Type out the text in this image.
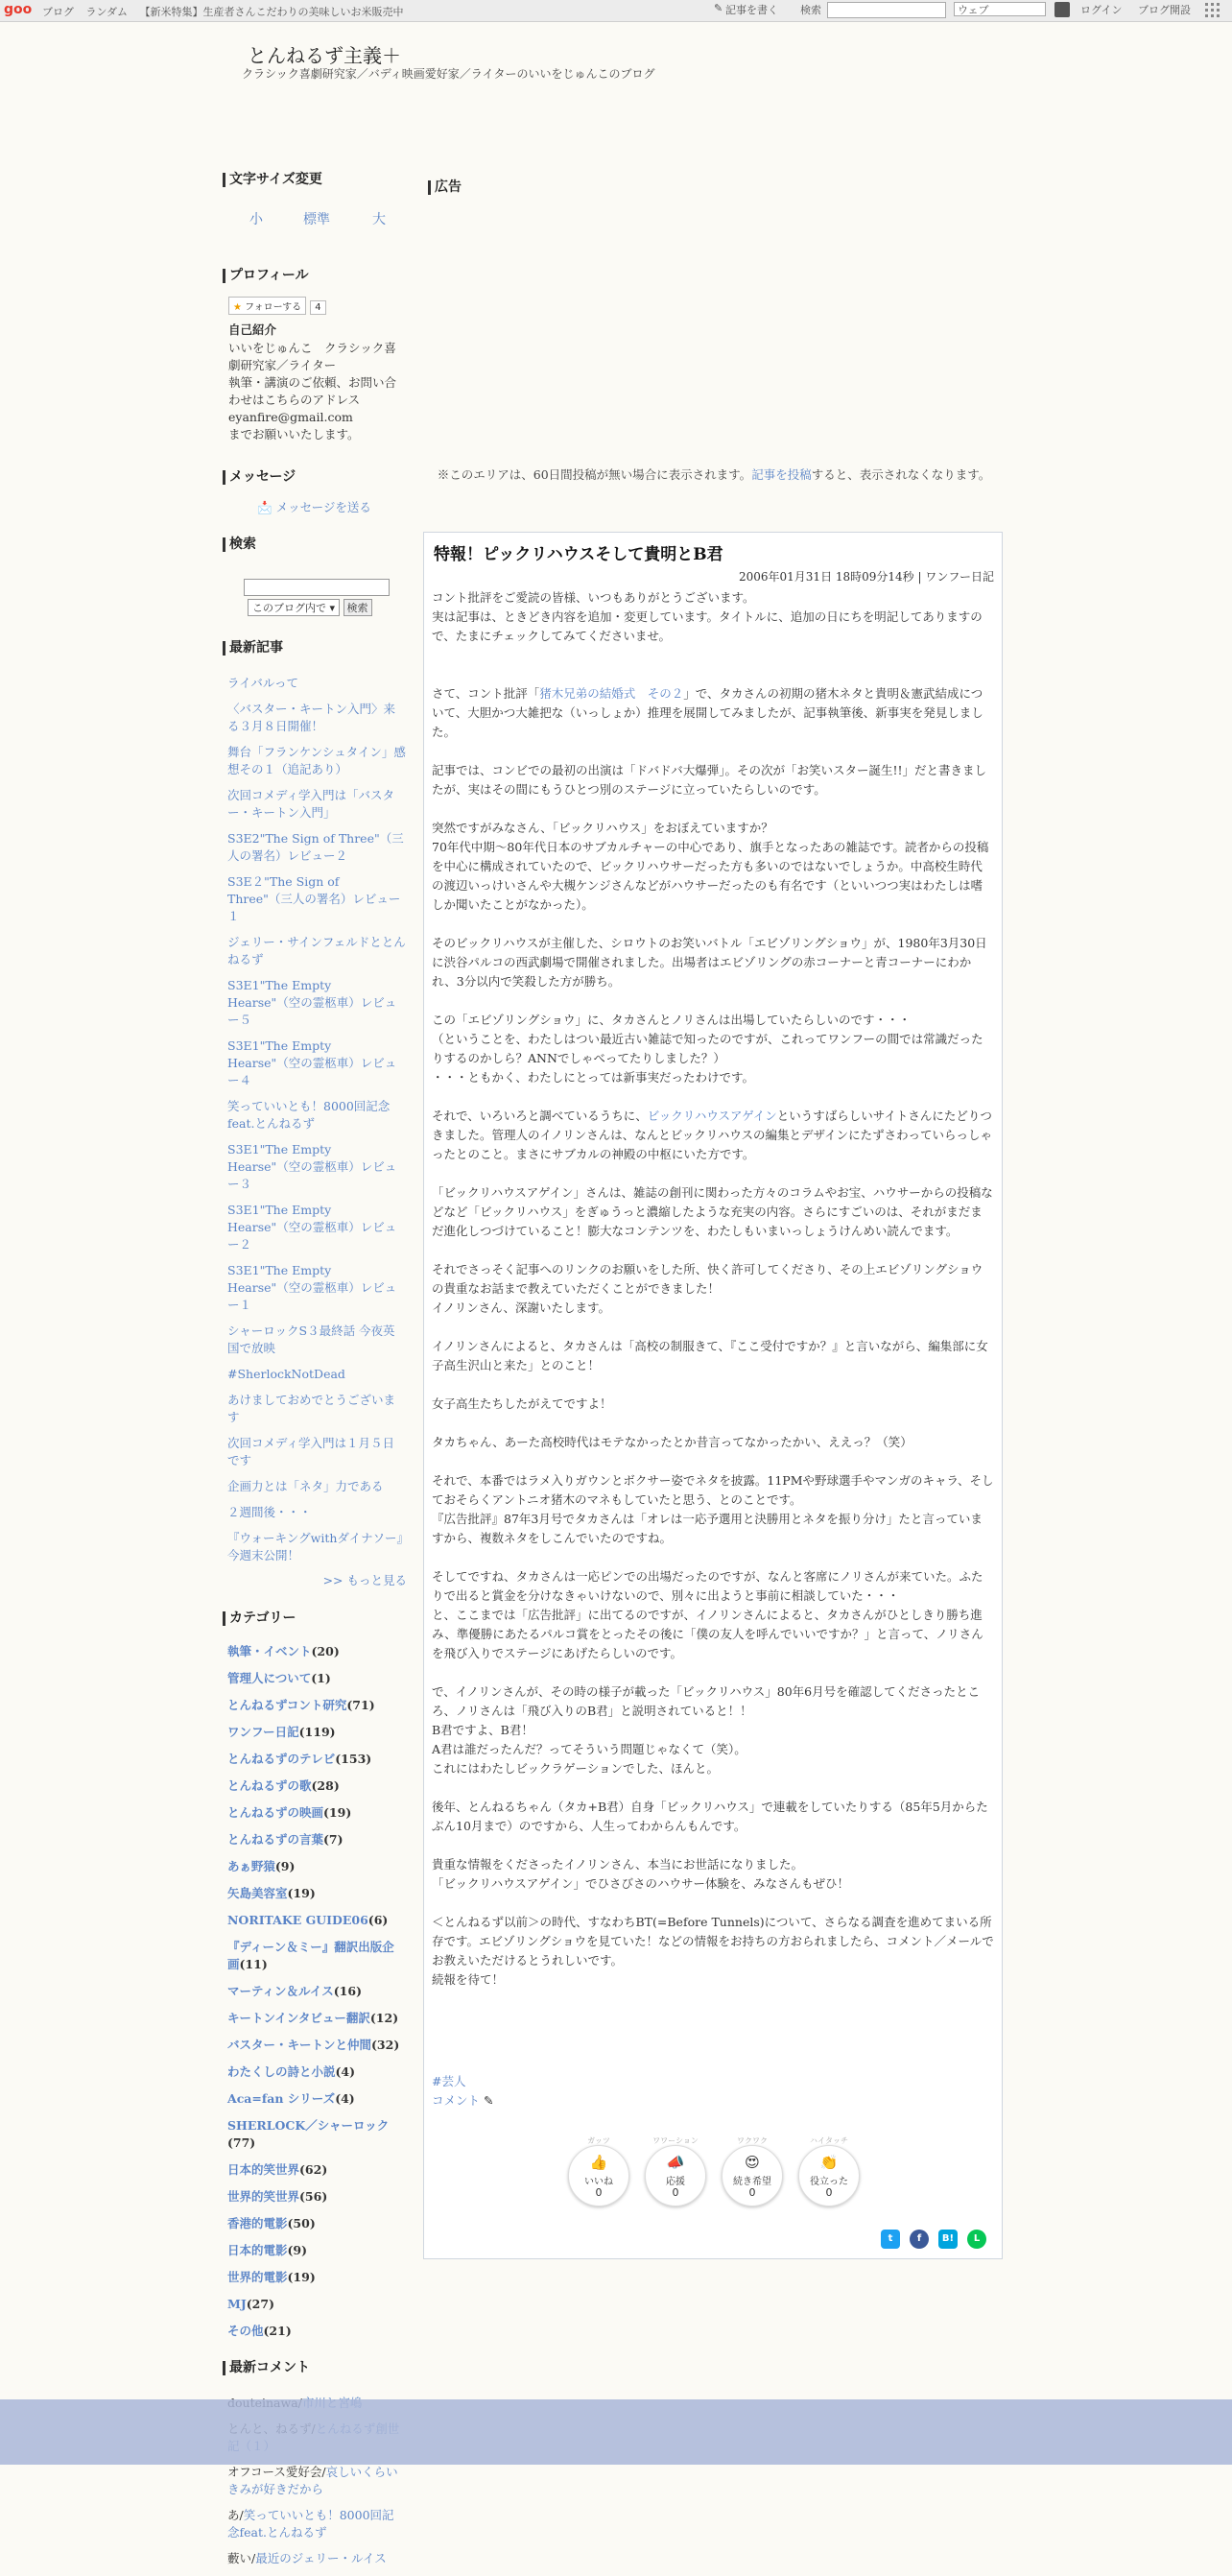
goo ブログ ランダム 【新米特集】生産者さんこだわりの美味しいお米販売中	✎ 記事を書く 検索	ウェブ	ログイン ブログ開設
とんねるず主義＋
クラシック喜劇研究家／バディ映画愛好家／ライターのいいをじゅんこのブログ
文字サイズ変更
小	標準	大
プロフィール
★ フォローする 4

自己紹介

いいをじゅんこ　クラシック喜劇研究家／ライター
執筆・講演のご依頼、お問い合わせはこちらのアドレス
eyanfire@gmail.com
までお願いいたします。

メッセージ
📩 メッセージを送る
検索
このブログ内で ▾ 検索
最新記事
ライバルって
〈バスター・キートン入門〉来る３月８日開催！
舞台「フランケンシュタイン」感想その１（追記あり）
次回コメディ学入門は「バスター・キートン入門」
S3E2"The Sign of Three"（三人の署名）レビュー２
S3E２"The Sign of Three"（三人の署名）レビュー１
ジェリー・サインフェルドととんねるず
S3E1"The Empty Hearse"（空の霊柩車）レビュー５
S3E1"The Empty Hearse"（空の霊柩車）レビュー４
笑っていいとも！8000回記念feat.とんねるず
S3E1"The Empty Hearse"（空の霊柩車）レビュー３
S3E1"The Empty Hearse"（空の霊柩車）レビュー２
S3E1"The Empty Hearse"（空の霊柩車）レビュー１
シャーロックS３最終話 今夜英国で放映
#SherlockNotDead
あけましておめでとうございます
次回コメディ学入門は１月５日です
企画力とは「ネタ」力である
２週間後・・・
『ウォーキングwithダイナソー』今週末公開！
>> もっと見る
カテゴリー
執筆・イベント(20)
管理人について(1)
とんねるずコント研究(71)
ワンフー日記(119)
とんねるずのテレビ(153)
とんねるずの歌(28)
とんねるずの映画(19)
とんねるずの言葉(7)
あぁ野猿(9)
矢島美容室(19)
NORITAKE GUIDE06(6)
『ディーン＆ミー』翻訳出版企画(11)
マーティン＆ルイス(16)
キートンインタビュー翻訳(12)
バスター・キートンと仲間(32)
わたくしの詩と小説(4)
Aca=fan シリーズ(4)
SHERLOCK／シャーロック(77)
日本的笑世界(62)
世界的笑世界(56)
香港的電影(50)
日本的電影(9)
世界的電影(19)
MJ(27)
その他(21)
最新コメント

オフコース愛好会/哀しいくらいきみが好きだから

あ/笑っていいとも！8000回記念feat.とんねるず

藪い/最近のジェリー・ルイス

広告
※このエリアは、60日間投稿が無い場合に表示されます。記事を投稿すると、表示されなくなります。
特報！ピックリハウスそして貴明とB君
2006年01月31日 18時09分14秒 | ワンフー日記

コント批評をご愛読の皆様、いつもありがとうございます。
実は記事は、ときどき内容を追加・変更しています。タイトルに、追加の日にちを明記してありますので、たまにチェックしてみてくださいませ。

さて、コント批評「猪木兄弟の結婚式　その２」で、タカさんの初期の猪木ネタと貴明＆憲武結成について、大胆かつ大雑把な（いっしょか）推理を展開してみましたが、記事執筆後、新事実を発見しました。

記事では、コンビでの最初の出演は「ドバドバ大爆弾」。その次が「お笑いスター誕生!!」だと書きましたが、実はその間にもうひとつ別のステージに立っていたらしいのです。

突然ですがみなさん、「ビックリハウス」をおぼえていますか？
70年代中期～80年代日本のサブカルチャーの中心であり、旗手となったあの雑誌です。読者からの投稿を中心に構成されていたので、ビックリハウサーだった方も多いのではないでしょうか。中高校生時代の渡辺いっけいさんや大槻ケンジさんなどがハウサーだったのも有名です（といいつつ実はわたしは嗜しか聞いたことがなかった）。

そのビックリハウスが主催した、シロウトのお笑いバトル「エビゾリングショウ」が、1980年3月30日に渋谷パルコの西武劇場で開催されました。出場者はエビゾリングの赤コーナーと青コーナーにわかれ、3分以内で笑殺した方が勝ち。

この「エビゾリングショウ」に、タカさんとノリさんは出場していたらしいのです・・・
（ということを、わたしはつい最近古い雑誌で知ったのですが、これってワンフーの間では常識だったりするのかしら？ANNでしゃべってたりしました？）
・・・ともかく、わたしにとっては新事実だったわけです。

それで、いろいろと調べているうちに、ビックリハウスアゲインというすばらしいサイトさんにたどりつきました。管理人のイノリンさんは、なんとビックリハウスの編集とデザインにたずさわっていらっしゃったとのこと。まさにサブカルの神殿の中枢にいた方です。

「ビックリハウスアゲイン」さんは、雑誌の創刊に関わった方々のコラムやお宝、ハウサーからの投稿などなど「ビックリハウス」をぎゅうっと濃縮したような充実の内容。さらにすごいのは、それがまだまだ進化しつづけていること！膨大なコンテンツを、わたしもいまいっしょうけんめい読んでます。

それでさっそく記事へのリンクのお願いをした所、快く許可してくださり、その上エビゾリングショウの貴重なお話まで教えていただくことができました！
イノリンさん、深謝いたします。

イノリンさんによると、タカさんは「高校の制服きて、『ここ受付ですか？』と言いながら、編集部に女子高生沢山と来た」とのこと！

女子高生たちしたがえてですよ！

タカちゃん、あーた高校時代はモテなかったとか昔言ってなかったかい、ええっ？（笑）

それで、本番ではラメ入りガウンとボクサー姿でネタを披露。11PMや野球選手やマンガのキャラ、そしておそらくアントニオ猪木のマネもしていたと思う、とのことです。
『広告批評』87年3月号でタカさんは「オレは一応予選用と決勝用とネタを振り分け」たと言っていますから、複数ネタをしこんでいたのですね。

そしてですね、タカさんは一応ピンでの出場だったのですが、なんと客席にノリさんが来ていた。ふたりで出ると賞金を分けなきゃいけないので、別々に出ようと事前に相談していた・・・
と、ここまでは「広告批評」に出てるのですが、イノリンさんによると、タカさんがひとしきり勝ち進み、準優勝にあたるパルコ賞をとったその後に「僕の友人を呼んでいいですか？」と言って、ノリさんを飛び入りでステージにあげたらしいのです。

で、イノリンさんが、その時の様子が載った「ビックリハウス」80年6月号を確認してくださったところ、ノリさんは「飛び入りのB君」と説明されていると！！
B君ですよ、B君！
A君は誰だったんだ？ってそういう問題じゃなくて（笑）。
これにはわたしビックラゲーションでした、ほんと。

後年、とんねるちゃん（タカ+B君）自身「ビックリハウス」で連載をしていたりする（85年5月からたぶん10月まで）のですから、人生ってわからんもんです。

貴重な情報をくださったイノリンさん、本当にお世話になりました。
「ビックリハウスアゲイン」でひさびさのハウサー体験を、みなさんもぜひ！

＜とんねるず以前＞の時代、すなわちBT(=Before Tunnels)について、さらなる調査を進めてまいる所存です。エビゾリングショウを見ていた！などの情報をお持ちの方おられましたら、コメント／メールでお教えいただけるとうれしいです。
続報を待て！

#芸人
コメント ✎
ガッツ
👍
いいね
0
ワワーション
📣
応援
0
ワクワク
😍
続き希望
0
ハイタッチ
👏
役立った
0
t	f	B!	L
